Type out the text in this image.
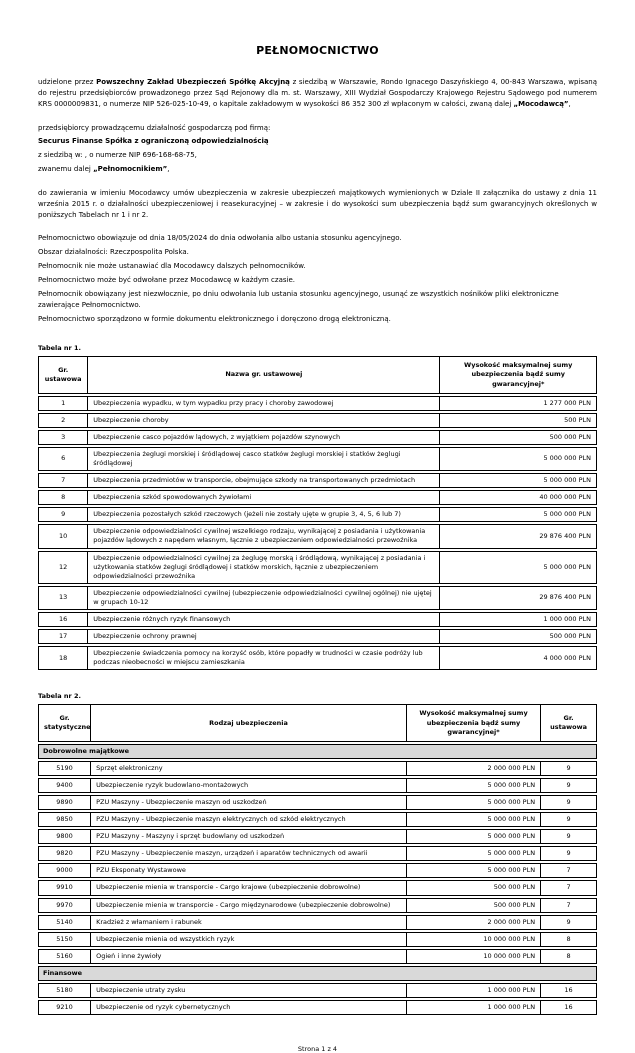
PEŁNOMOCNICTWO

udzielone przez Powszechny Zakład Ubezpieczeń Spółkę Akcyjną z siedzibą w Warszawie, Rondo Ignacego Daszyńskiego 4, 00-843 Warszawa, wpisaną do rejestru przedsiębiorców prowadzonego przez Sąd Rejonowy dla m. st. Warszawy, XIII Wydział Gospodarczy Krajowego Rejestru Sądowego pod numerem KRS 0000009831, o numerze NIP 526-025-10-49, o kapitale zakładowym w wysokości 86 352 300 zł wpłaconym w całości, zwaną dalej „Mocodawcą”,

przedsiębiorcy prowadzącemu działalność gospodarczą pod firmą:

Securus Finanse Spółka z ograniczoną odpowiedzialnością

z siedzibą w: , o numerze NIP 696-168-68-75,

zwanemu dalej „Pełnomocnikiem”,

do zawierania w imieniu Mocodawcy umów ubezpieczenia w zakresie ubezpieczeń majątkowych wymienionych w Dziale II załącznika do ustawy z dnia 11 września 2015 r. o działalności ubezpieczeniowej i reasekuracyjnej – w zakresie i do wysokości sum ubezpieczenia bądź sum gwarancyjnych określonych w poniższych Tabelach nr 1 i nr 2.

Pełnomocnictwo obowiązuje od dnia 18/05/2024 do dnia odwołania albo ustania stosunku agencyjnego.

Obszar działalności: Rzeczpospolita Polska.

Pełnomocnik nie może ustanawiać dla Mocodawcy dalszych pełnomocników.

Pełnomocnictwo może być odwołane przez Mocodawcę w każdym czasie.

Pełnomocnik obowiązany jest niezwłocznie, po dniu odwołania lub ustania stosunku agencyjnego, usunąć ze wszystkich nośników pliki elektroniczne zawierające Pełnomocnictwo.

Pełnomocnictwo sporządzono w formie dokumentu elektronicznego i doręczono drogą elektroniczną.

Tabela nr 1.
Gr. ustawowa	Nazwa gr. ustawowej	Wysokość maksymalnej sumy ubezpieczenia bądź sumy gwarancyjnej*
1	Ubezpieczenia wypadku, w tym wypadku przy pracy i choroby zawodowej	1 277 000 PLN
2	Ubezpieczenie choroby	500 PLN
3	Ubezpieczenie casco pojazdów lądowych, z wyjątkiem pojazdów szynowych	500 000 PLN
6	Ubezpieczenia żeglugi morskiej i śródlądowej casco statków żeglugi morskiej i statków żeglugi śródlądowej	5 000 000 PLN
7	Ubezpieczenia przedmiotów w transporcie, obejmujące szkody na transportowanych przedmiotach	5 000 000 PLN
8	Ubezpieczenia szkód spowodowanych żywiołami	40 000 000 PLN
9	Ubezpieczenia pozostałych szkód rzeczowych (jeżeli nie zostały ujęte w grupie 3, 4, 5, 6 lub 7)	5 000 000 PLN
10	Ubezpieczenie odpowiedzialności cywilnej wszelkiego rodzaju, wynikającej z posiadania i użytkowania pojazdów lądowych z napędem własnym, łącznie z ubezpieczeniem odpowiedzialności przewoźnika	29 876 400 PLN
12	Ubezpieczenie odpowiedzialności cywilnej za żeglugę morską i śródlądową, wynikającej z posiadania i użytkowania statków żeglugi śródlądowej i statków morskich, łącznie z ubezpieczeniem odpowiedzialności przewoźnika	5 000 000 PLN
13	Ubezpieczenie odpowiedzialności cywilnej (ubezpieczenie odpowiedzialności cywilnej ogólnej) nie ujętej w grupach 10-12	29 876 400 PLN
16	Ubezpieczenie różnych ryzyk finansowych	1 000 000 PLN
17	Ubezpieczenie ochrony prawnej	500 000 PLN
18	Ubezpieczenie świadczenia pomocy na korzyść osób, które popadły w trudności w czasie podróży lub podczas nieobecności w miejscu zamieszkania	4 000 000 PLN
Tabela nr 2.
Gr. statystyczne	Rodzaj ubezpieczenia	Wysokość maksymalnej sumy ubezpieczenia bądź sumy gwarancyjnej*	Gr. ustawowa
Dobrowolne majątkowe			
5190	Sprzęt elektroniczny	2 000 000 PLN	9
9400	Ubezpieczenie ryzyk budowlano-montażowych	5 000 000 PLN	9
9890	PZU Maszyny - Ubezpieczenie maszyn od uszkodzeń	5 000 000 PLN	9
9850	PZU Maszyny - Ubezpieczenie maszyn elektrycznych od szkód elektrycznych	5 000 000 PLN	9
9800	PZU Maszyny - Maszyny i sprzęt budowlany od uszkodzeń	5 000 000 PLN	9
9820	PZU Maszyny - Ubezpieczenie maszyn, urządzeń i aparatów technicznych od awarii	5 000 000 PLN	9
9000	PZU Eksponaty Wystawowe	5 000 000 PLN	7
9910	Ubezpieczenie mienia w transporcie - Cargo krajowe (ubezpieczenie dobrowolne)	500 000 PLN	7
9970	Ubezpieczenie mienia w transporcie - Cargo międzynarodowe (ubezpieczenie dobrowolne)	500 000 PLN	7
5140	Kradzież z włamaniem i rabunek	2 000 000 PLN	9
5150	Ubezpieczenie mienia od wszystkich ryzyk	10 000 000 PLN	8
5160	Ogień i inne żywioły	10 000 000 PLN	8
Finansowe			
5180	Ubezpieczenie utraty zysku	1 000 000 PLN	16
9210	Ubezpieczenie od ryzyk cybernetycznych	1 000 000 PLN	16
Strona 1 z 4
